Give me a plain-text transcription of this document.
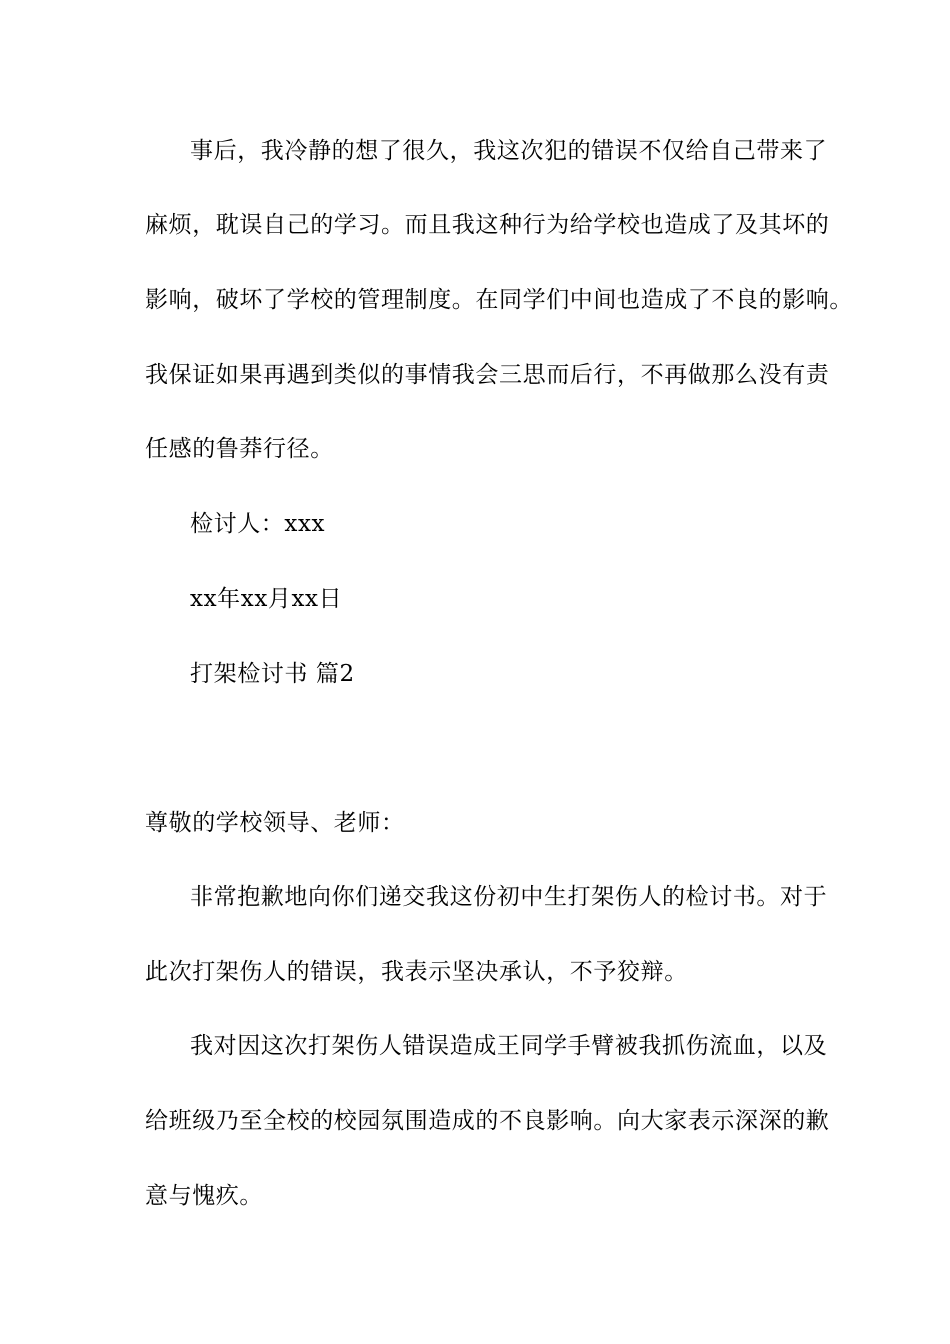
事后，我冷静的想了很久，我这次犯的错误不仅给自己带来了
麻烦，耽误自己的学习。而且我这种行为给学校也造成了及其坏的
影响，破坏了学校的管理制度。在同学们中间也造成了不良的影响。
我保证如果再遇到类似的事情我会三思而后行，不再做那么没有责
任感的鲁莽行径。
检讨人：xxx
xx年xx月xx日
打架检讨书 篇2
尊敬的学校领导、老师：
非常抱歉地向你们递交我这份初中生打架伤人的检讨书。对于
此次打架伤人的错误，我表示坚决承认，不予狡辩。
我对因这次打架伤人错误造成王同学手臂被我抓伤流血，以及
给班级乃至全校的校园氛围造成的不良影响。向大家表示深深的歉
意与愧疚。
